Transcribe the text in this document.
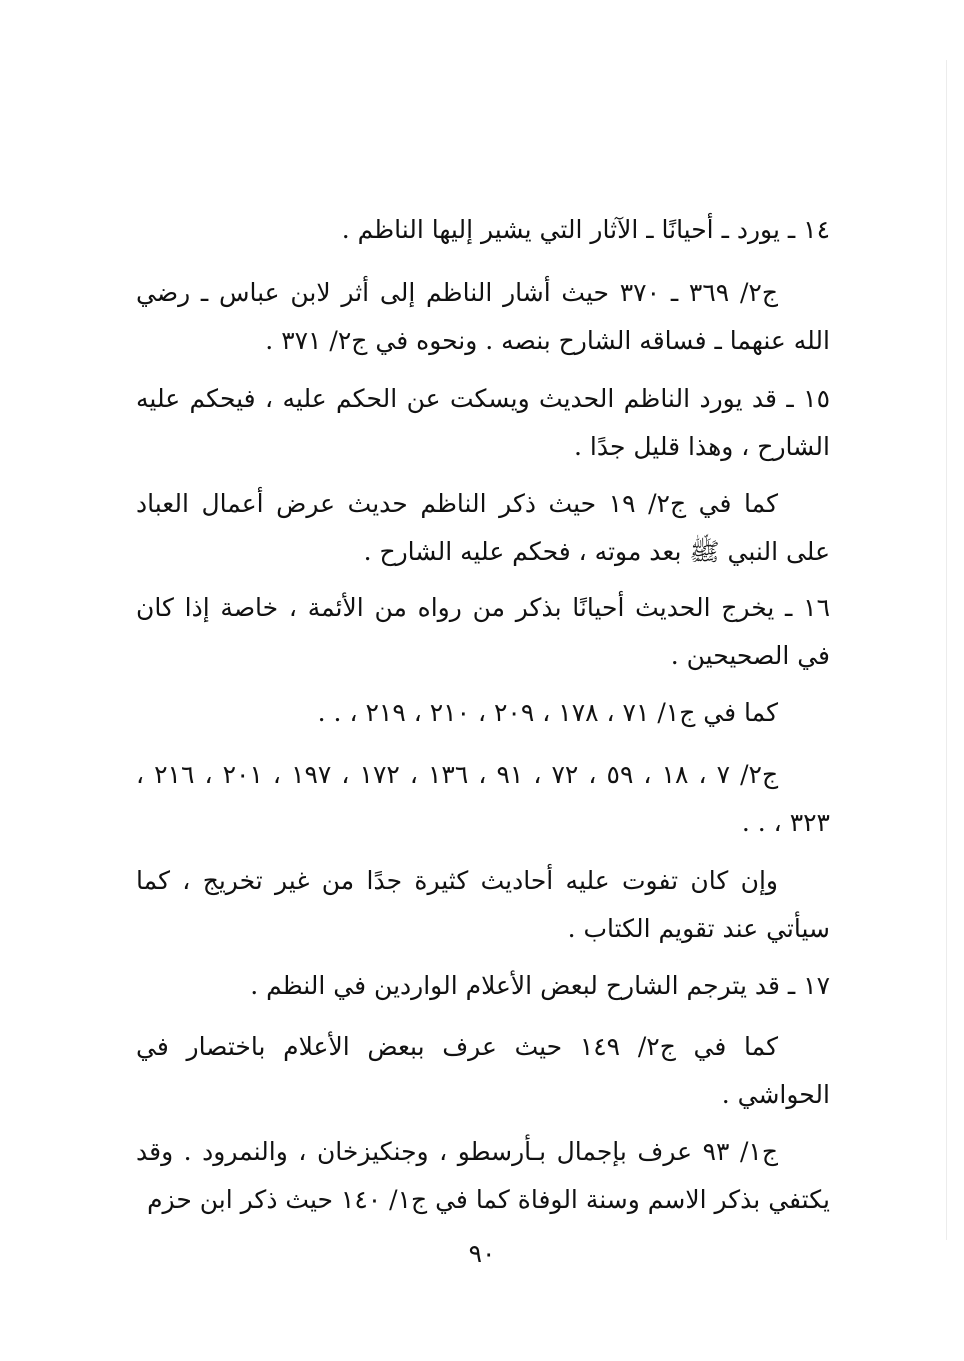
١٤ ـ يورد ـ أحيانًا ـ الآثار التي يشير إليها الناظم .

ج٢/ ٣٦٩ ـ ٣٧٠ حيث أشار الناظم إلى أثر لابن عباس ـ رضي الله عنهما ـ فساقه الشارح بنصه . ونحوه في ج٢/ ٣٧١ .

١٥ ـ قد يورد الناظم الحديث ويسكت عن الحكم عليه ، فيحكم عليه الشارح ، وهذا قليل جدًا .

كما في ج٢/ ١٩ حيث ذكر الناظم حديث عرض أعمال العباد على النبي ﷺ بعد موته ، فحكم عليه الشارح .

١٦ ـ يخرج الحديث أحيانًا بذكر من رواه من الأئمة ، خاصة إذا كان في الصحيحين .

كما في ج١/ ٧١ ، ١٧٨ ، ٢٠٩ ، ٢١٠ ، ٢١٩ ، . .

ج٢/ ٧ ، ١٨ ، ٥٩ ، ٧٢ ، ٩١ ، ١٣٦ ، ١٧٢ ، ١٩٧ ، ٢٠١ ، ٢١٦ ، ٣٢٣ ، . .

وإن كان تفوت عليه أحاديث كثيرة جدًا من غير تخريج ، كما سيأتي عند تقويم الكتاب .

١٧ ـ قد يترجم الشارح لبعض الأعلام الواردين في النظم .

كما في ج٢/ ١٤٩ حيث عرف ببعض الأعلام باختصار في الحواشي .

ج١/ ٩٣ عرف بإجمال بـأرسطو ، وجنكيزخان ، والنمرود . وقد يكتفي بذكر الاسم وسنة الوفاة كما في ج١/ ١٤٠ حيث ذكر ابن حزم

٩٠
